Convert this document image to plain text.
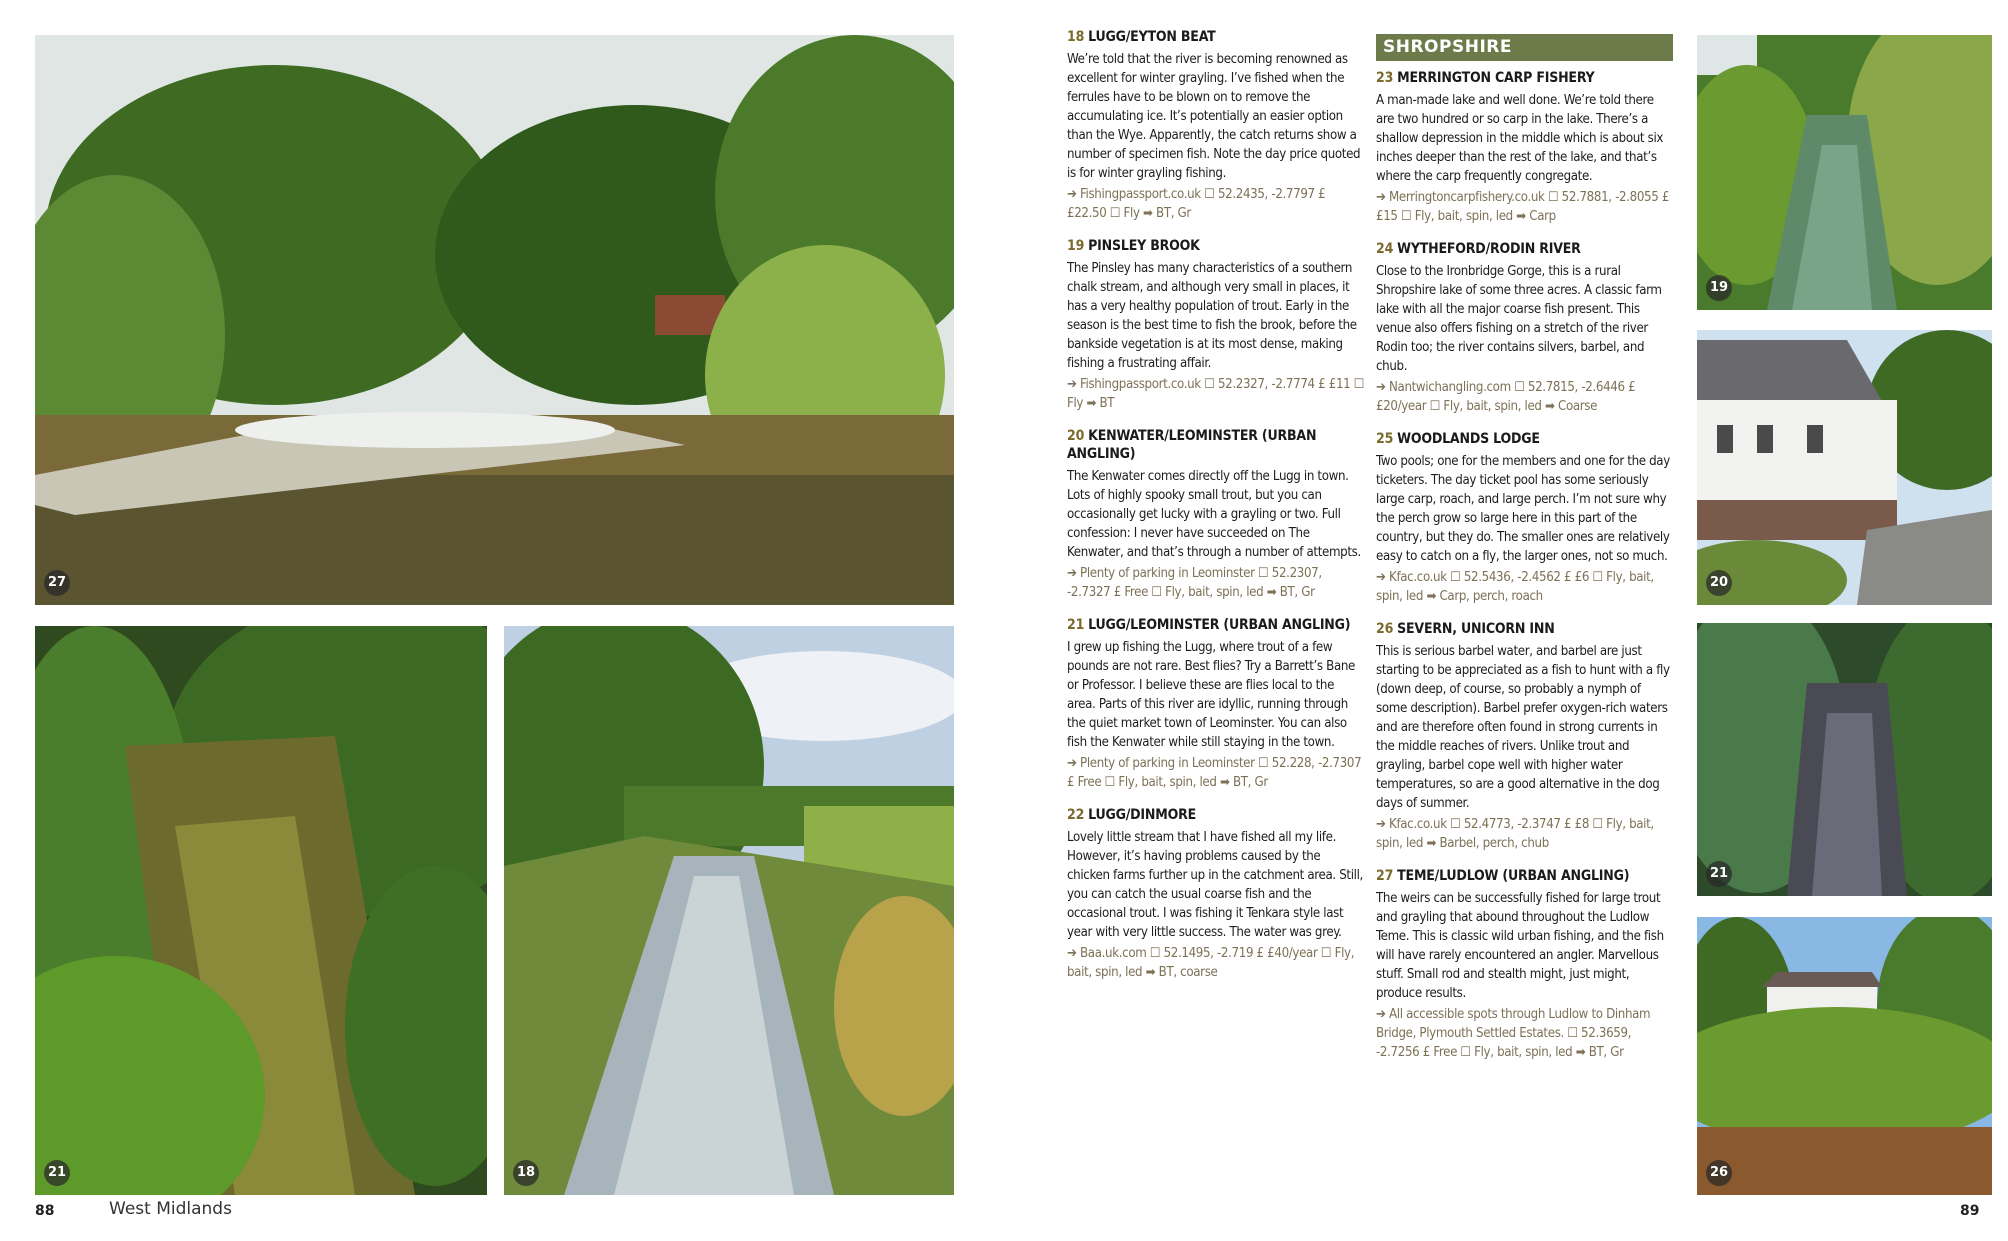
27
21	18
19
20
21
26
18 LUGG/EYTON BEAT
We’re told that the river is becoming renowned as excellent for winter grayling. I’ve fished when the ferrules have to be blown on to remove the accumulating ice. It’s potentially an easier option than the Wye. Apparently, the catch returns show a number of specimen fish. Note the day price quoted is for winter grayling fishing.
➔ Fishingpassport.co.uk ☐ 52.2435, -2.7797 £ £22.50 ☐ Fly ➡ BT, Gr
19 PINSLEY BROOK
The Pinsley has many characteristics of a southern chalk stream, and although very small in places, it has a very healthy population of trout. Early in the season is the best time to fish the brook, before the bankside vegetation is at its most dense, making fishing a frustrating affair.
➔ Fishingpassport.co.uk ☐ 52.2327, -2.7774 £ £11 ☐ Fly ➡ BT
20 KENWATER/LEOMINSTER (URBAN ANGLING)
The Kenwater comes directly off the Lugg in town. Lots of highly spooky small trout, but you can occasionally get lucky with a grayling or two. Full confession: I never have succeeded on The Kenwater, and that’s through a number of attempts.
➔ Plenty of parking in Leominster ☐ 52.2307, -2.7327 £ Free ☐ Fly, bait, spin, led ➡ BT, Gr
21 LUGG/LEOMINSTER (URBAN ANGLING)
I grew up fishing the Lugg, where trout of a few pounds are not rare. Best flies? Try a Barrett’s Bane or Professor. I believe these are flies local to the area. Parts of this river are idyllic, running through the quiet market town of Leominster. You can also fish the Kenwater while still staying in the town.
➔ Plenty of parking in Leominster ☐ 52.228, -2.7307 £ Free ☐ Fly, bait, spin, led ➡ BT, Gr
22 LUGG/DINMORE
Lovely little stream that I have fished all my life. However, it’s having problems caused by the chicken farms further up in the catchment area. Still, you can catch the usual coarse fish and the occasional trout. I was fishing it Tenkara style last year with very little success. The water was grey.
➔ Baa.uk.com ☐ 52.1495, -2.719 £ £40/year ☐ Fly, bait, spin, led ➡ BT, coarse
SHROPSHIRE
23 MERRINGTON CARP FISHERY
A man-made lake and well done. We’re told there are two hundred or so carp in the lake. There’s a shallow depression in the middle which is about six inches deeper than the rest of the lake, and that’s where the carp frequently congregate.
➔ Merringtoncarpfishery.co.uk ☐ 52.7881, -2.8055 £ £15 ☐ Fly, bait, spin, led ➡ Carp
24 WYTHEFORD/RODIN RIVER
Close to the Ironbridge Gorge, this is a rural Shropshire lake of some three acres. A classic farm lake with all the major coarse fish present. This venue also offers fishing on a stretch of the river Rodin too; the river contains silvers, barbel, and chub.
➔ Nantwichangling.com ☐ 52.7815, -2.6446 £ £20/year ☐ Fly, bait, spin, led ➡ Coarse
25 WOODLANDS LODGE
Two pools; one for the members and one for the day ticketers. The day ticket pool has some seriously large carp, roach, and large perch. I’m not sure why the perch grow so large here in this part of the country, but they do. The smaller ones are relatively easy to catch on a fly, the larger ones, not so much.
➔ Kfac.co.uk ☐ 52.5436, -2.4562 £ £6 ☐ Fly, bait, spin, led ➡ Carp, perch, roach
26 SEVERN, UNICORN INN
This is serious barbel water, and barbel are just starting to be appreciated as a fish to hunt with a fly (down deep, of course, so probably a nymph of some description). Barbel prefer oxygen-rich waters and are therefore often found in strong currents in the middle reaches of rivers. Unlike trout and grayling, barbel cope well with higher water temperatures, so are a good alternative in the dog days of summer.
➔ Kfac.co.uk ☐ 52.4773, -2.3747 £ £8 ☐ Fly, bait, spin, led ➡ Barbel, perch, chub
27 TEME/LUDLOW (URBAN ANGLING)
The weirs can be successfully fished for large trout and grayling that abound throughout the Ludlow Teme. This is classic wild urban fishing, and the fish will have rarely encountered an angler. Marvellous stuff. Small rod and stealth might, just might, produce results.
➔ All accessible spots through Ludlow to Dinham Bridge, Plymouth Settled Estates. ☐ 52.3659, -2.7256 £ Free ☐ Fly, bait, spin, led ➡ BT, Gr
88	West Midlands	89
